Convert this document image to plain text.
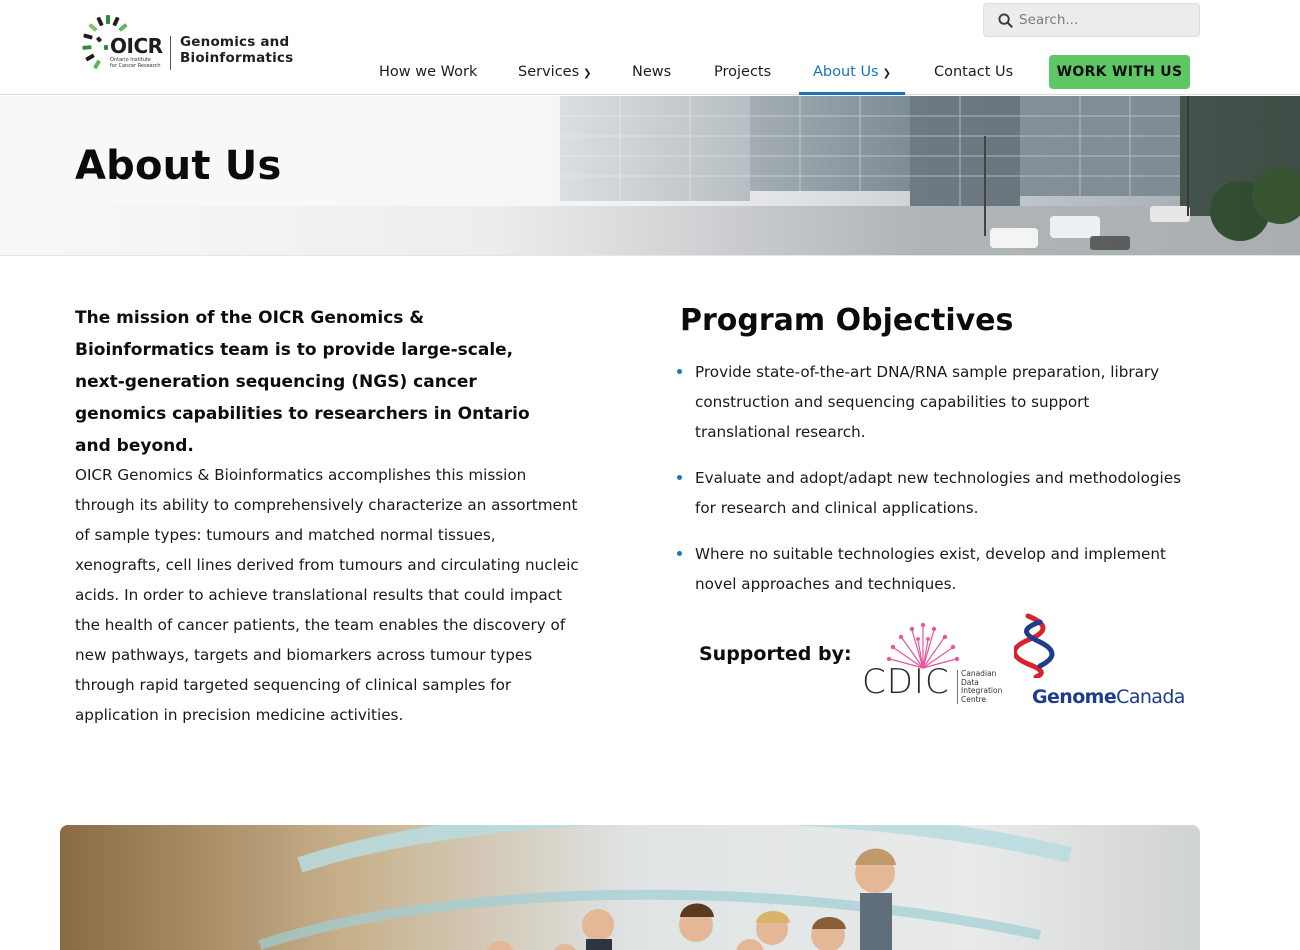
OICR
Ontario Institute
for Cancer Research
Genomics and
Bioinformatics
Search...
How we Work	Services ❯	News	Projects	About Us ❯	Contact Us	WORK WITH US
About Us

The mission of the OICR Genomics & Bioinformatics team is to provide large-scale, next-generation sequencing (NGS) cancer genomics capabilities to researchers in Ontario and beyond.

OICR Genomics & Bioinformatics accomplishes this mission through its ability to comprehensively characterize an assortment of sample types: tumours and matched normal tissues, xenografts, cell lines derived from tumours and circulating nucleic acids. In order to achieve translational results that could impact the health of cancer patients, the team enables the discovery of new pathways, targets and biomarkers across tumour types through rapid targeted sequencing of clinical samples for application in precision medicine activities.

Program Objectives
Provide state-of-the-art DNA/RNA sample preparation, library construction and sequencing capabilities to support translational research.
Evaluate and adopt/adapt new technologies and methodologies for research and clinical applications.
Where no suitable technologies exist, develop and implement novel approaches and techniques.
Supported by:
CDIC Canadian
Data Integration
Centre	GenomeCanada
